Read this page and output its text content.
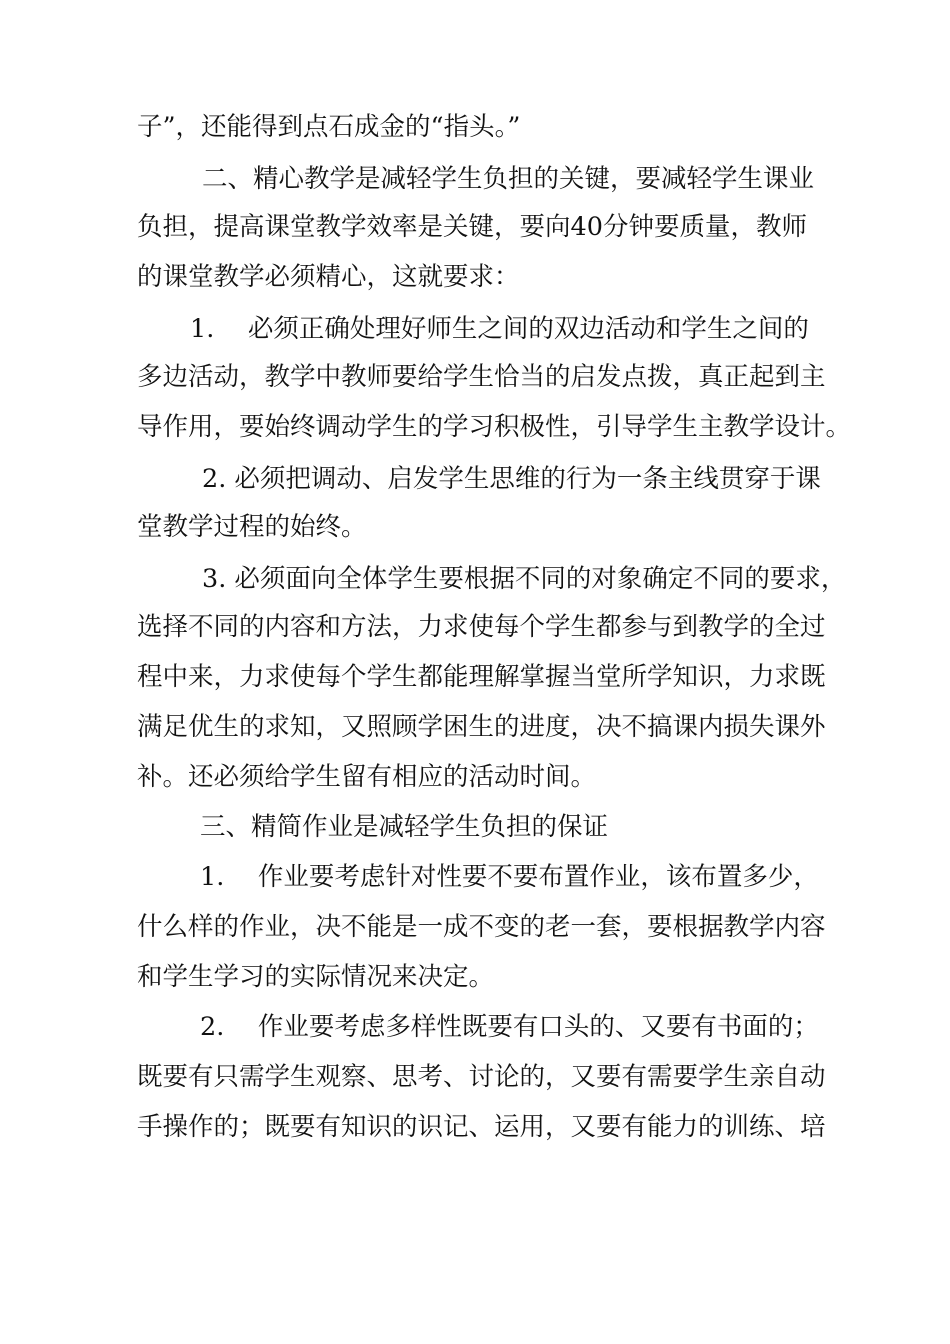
子”，还能得到点石成金的“指头。”
二、精心教学是减轻学生负担的关键，要减轻学生课业
负担，提高课堂教学效率是关键，要向40分钟要质量，教师
的课堂教学必须精心，这就要求：
1.　 必须正确处理好师生之间的双边活动和学生之间的
多边活动，教学中教师要给学生恰当的启发点拨，真正起到主
导作用，要始终调动学生的学习积极性，引导学生主教学设计。
2. 必须把调动、启发学生思维的行为一条主线贯穿于课
堂教学过程的始终。
3. 必须面向全体学生要根据不同的对象确定不同的要求，
选择不同的内容和方法，力求使每个学生都参与到教学的全过
程中来，力求使每个学生都能理解掌握当堂所学知识，力求既
满足优生的求知，又照顾学困生的进度，决不搞课内损失课外
补。还必须给学生留有相应的活动时间。
三、精简作业是减轻学生负担的保证
1.　 作业要考虑针对性要不要布置作业，该布置多少，
什么样的作业，决不能是一成不变的老一套，要根据教学内容
和学生学习的实际情况来决定。
2.　 作业要考虑多样性既要有口头的、又要有书面的；
既要有只需学生观察、思考、讨论的，又要有需要学生亲自动
手操作的；既要有知识的识记、运用，又要有能力的训练、培
